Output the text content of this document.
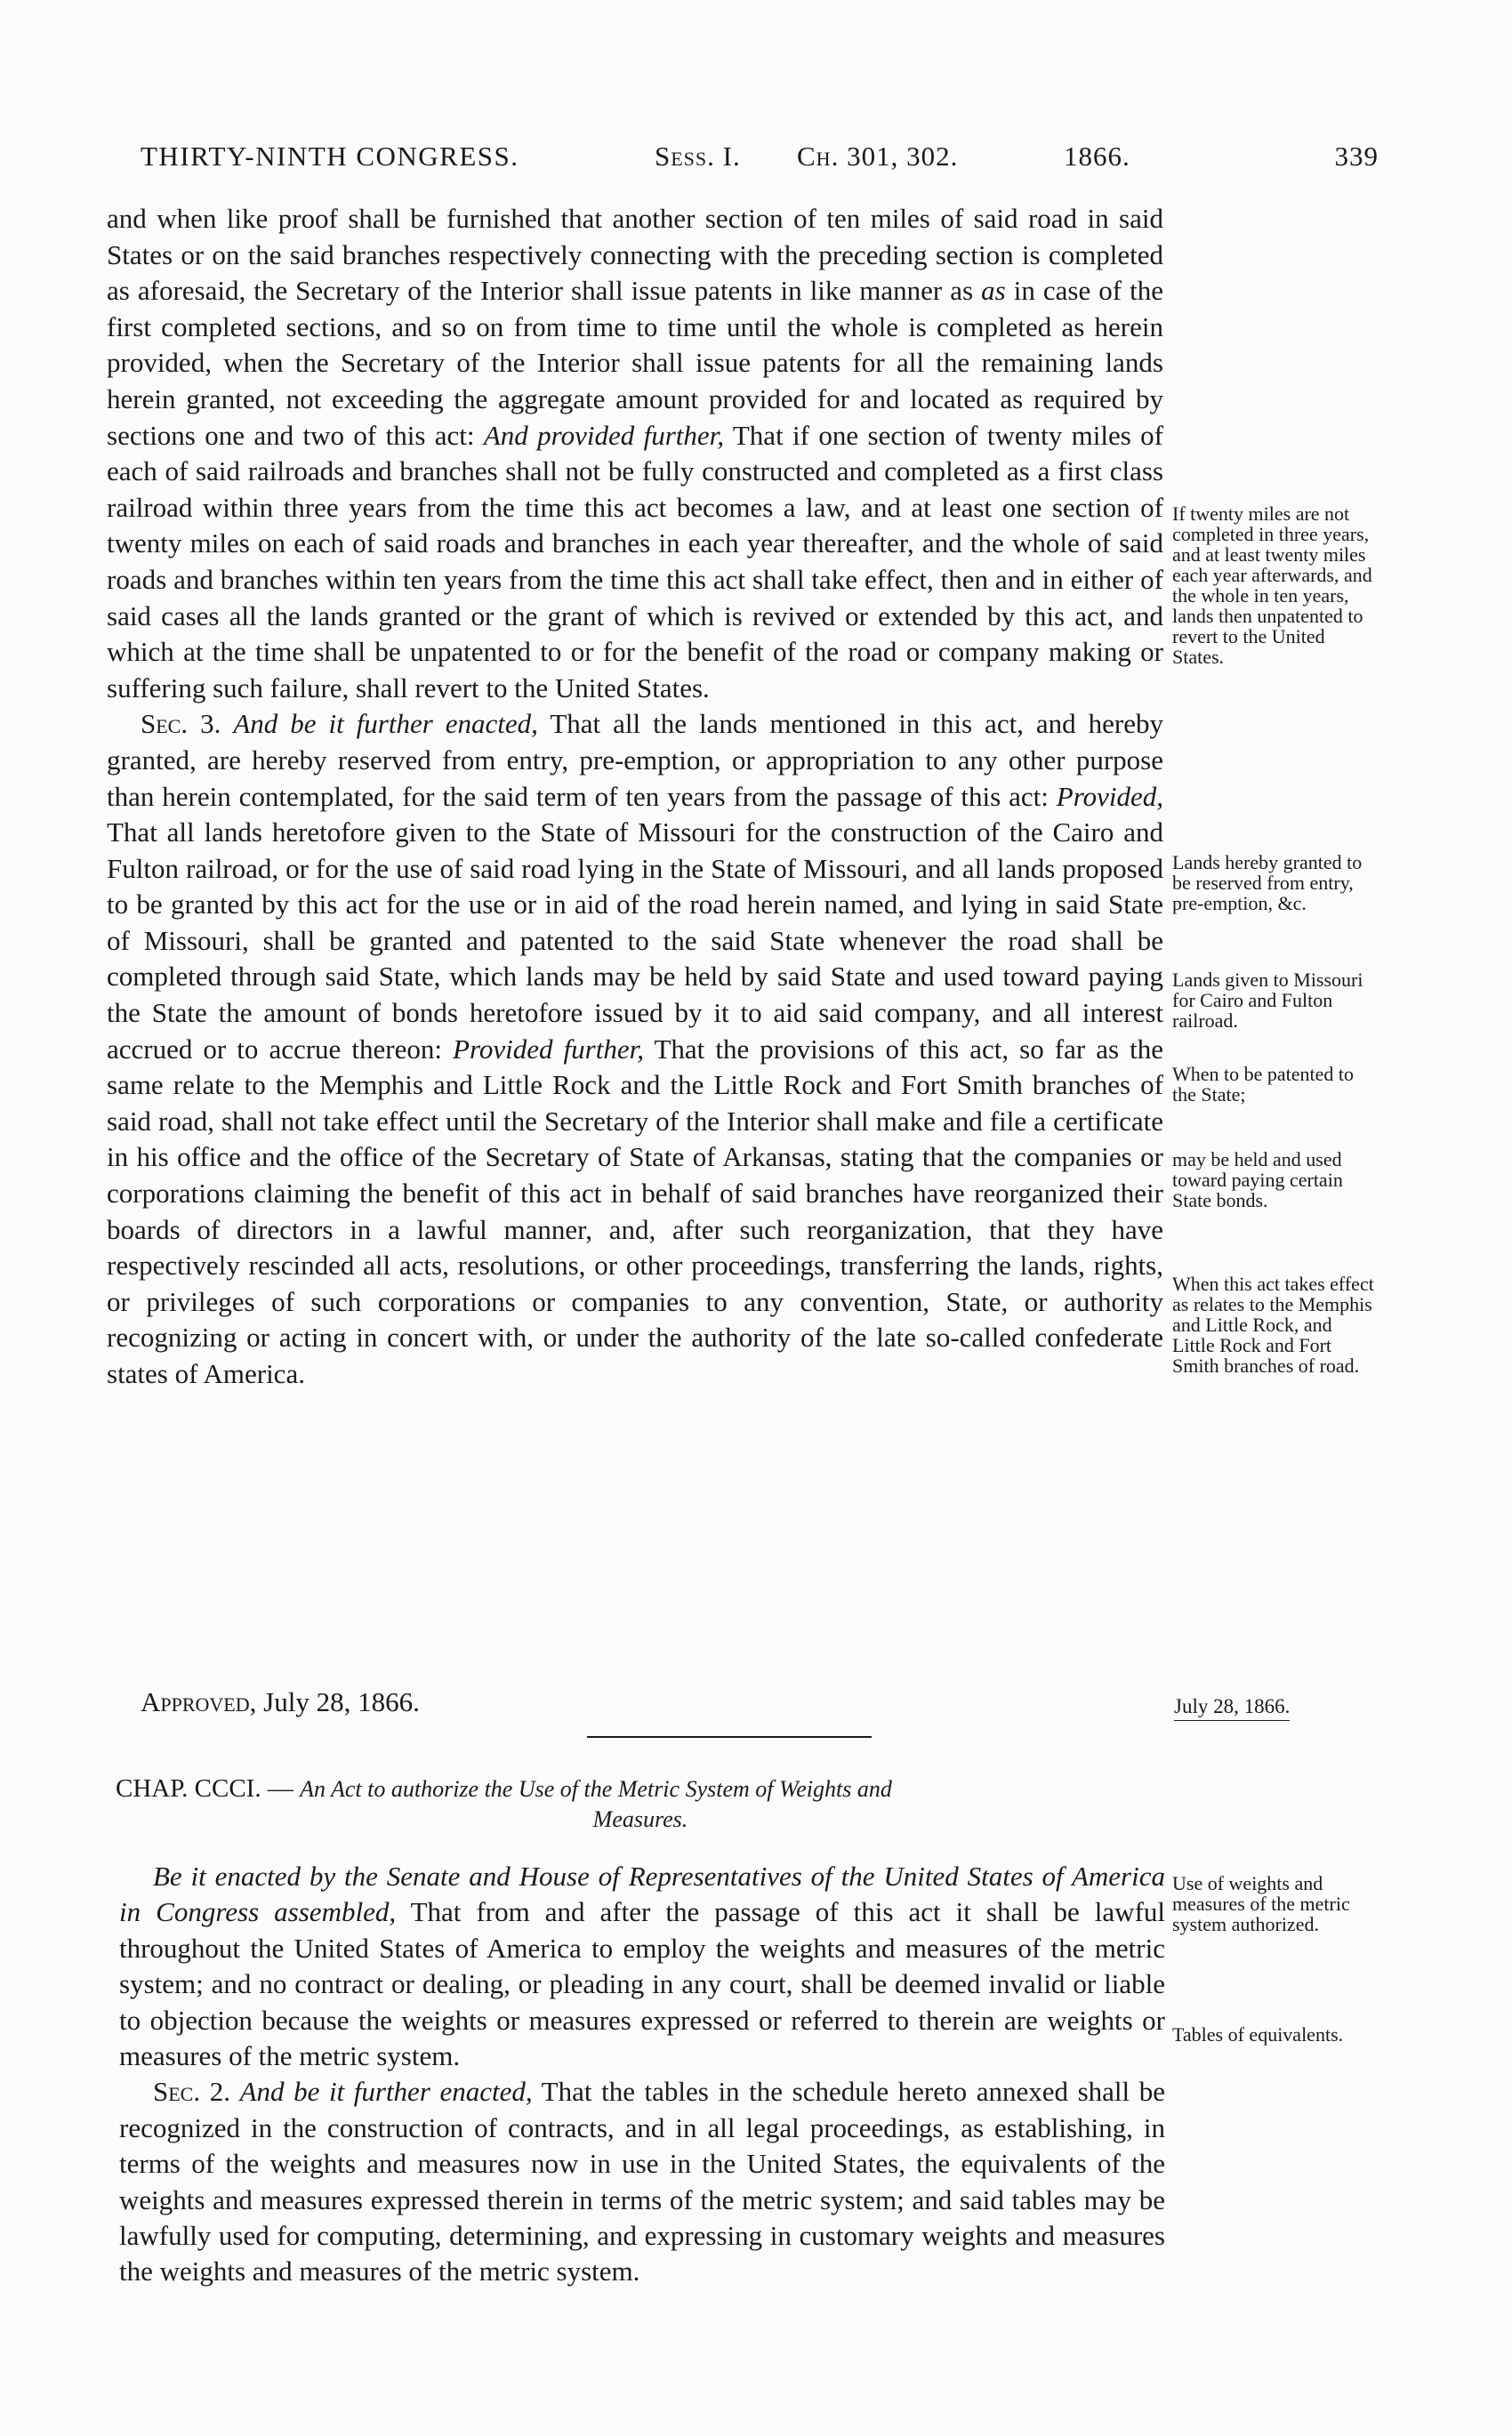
THIRTY-NINTH CONGRESS.	Sess. I. Ch. 301, 302.	1866.	339

and when like proof shall be furnished that another section of ten miles of said road in said States or on the said branches respectively connecting with the preceding section is completed as aforesaid, the Secretary of the Interior shall issue patents in like manner as as in case of the first completed sections, and so on from time to time until the whole is completed as herein provided, when the Secretary of the Interior shall issue patents for all the remaining lands herein granted, not exceeding the aggregate amount provided for and located as required by sections one and two of this act: And provided further, That if one section of twenty miles of each of said railroads and branches shall not be fully constructed and completed as a first class railroad within three years from the time this act becomes a law, and at least one section of twenty miles on each of said roads and branches in each year thereafter, and the whole of said roads and branches within ten years from the time this act shall take effect, then and in either of said cases all the lands granted or the grant of which is revived or extended by this act, and which at the time shall be unpatented to or for the benefit of the road or company making or suffering such failure, shall revert to the United States.

Sec. 3. And be it further enacted, That all the lands mentioned in this act, and hereby granted, are hereby reserved from entry, pre-emption, or appropriation to any other purpose than herein contemplated, for the said term of ten years from the passage of this act: Provided, That all lands heretofore given to the State of Missouri for the construction of the Cairo and Fulton railroad, or for the use of said road lying in the State of Missouri, and all lands proposed to be granted by this act for the use or in aid of the road herein named, and lying in said State of Missouri, shall be granted and patented to the said State whenever the road shall be completed through said State, which lands may be held by said State and used toward paying the State the amount of bonds heretofore issued by it to aid said company, and all interest accrued or to accrue thereon: Provided further, That the provisions of this act, so far as the same relate to the Memphis and Little Rock and the Little Rock and Fort Smith branches of said road, shall not take effect until the Secretary of the Interior shall make and file a certificate in his office and the office of the Secretary of State of Arkansas, stating that the companies or corporations claiming the benefit of this act in behalf of said branches have reorganized their boards of directors in a lawful manner, and, after such reorganization, that they have respectively rescinded all acts, resolutions, or other proceedings, transferring the lands, rights, or privileges of such corporations or companies to any convention, State, or authority recognizing or acting in concert with, or under the authority of the late so-called confederate states of America.

Approved, July 28, 1866.	July 28, 1866.
CHAP. CCCI. — An Act to authorize the Use of the Metric System of Weights and
Measures.

Be it enacted by the Senate and House of Representatives of the United States of America in Congress assembled, That from and after the passage of this act it shall be lawful throughout the United States of America to employ the weights and measures of the metric system; and no contract or dealing, or pleading in any court, shall be deemed invalid or liable to objection because the weights or measures expressed or referred to therein are weights or measures of the metric system.

Sec. 2. And be it further enacted, That the tables in the schedule hereto annexed shall be recognized in the construction of contracts, and in all legal proceedings, as establishing, in terms of the weights and measures now in use in the United States, the equivalents of the weights and measures expressed therein in terms of the metric system; and said tables may be lawfully used for computing, determining, and expressing in customary weights and measures the weights and measures of the metric system.

If twenty miles are not completed in three years, and at least twenty miles each year afterwards, and the whole in ten years, lands then unpatented to revert to the United States.
Lands hereby granted to be reserved from entry, pre-emption, &c.
Lands given to Missouri for Cairo and Fulton railroad.
When to be patented to the State;
may be held and used toward paying certain State bonds.
When this act takes effect as relates to the Memphis and Little Rock, and Little Rock and Fort Smith branches of road.
Use of weights and measures of the metric system authorized.
Tables of equivalents.
